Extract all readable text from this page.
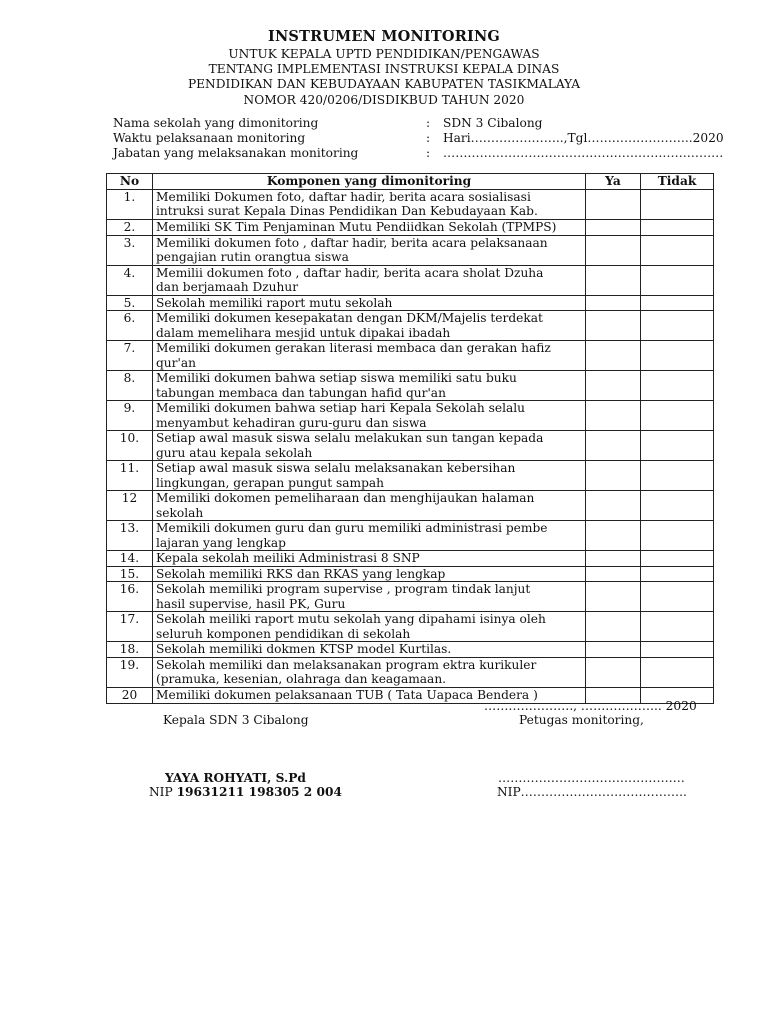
INSTRUMEN MONITORING
UNTUK KEPALA UPTD PENDIDIKAN/PENGAWAS
TENTANG IMPLEMENTASI INSTRUKSI KEPALA DINAS
PENDIDIKAN DAN KEBUDAYAAN KABUPATEN TASIKMALAYA
NOMOR 420/0206/DISDIKBUD TAHUN 2020
Nama sekolah yang dimonitoring	:	SDN 3 Cibalong
Waktu pelaksanaan monitoring	:	Hari…………………..,Tgl……………………..2020
Jabatan yang melaksanakan monitoring	:	……………………………………………………………
No	Komponen yang dimonitoring	Ya	Tidak
1.	Memiliki Dokumen foto, daftar hadir, berita acara sosialisasi
intruksi surat Kepala Dinas Pendidikan Dan Kebudayaan Kab.		

2.	Memiliki SK Tim Penjaminan Mutu Pendiidkan Sekolah (TPMPS)		

3.	Memiliki dokumen foto , daftar hadir, berita acara pelaksanaan
pengajian rutin orangtua siswa		

4.	Memilii dokumen foto , daftar hadir, berita acara sholat Dzuha
dan berjamaah Dzuhur		

5.	Sekolah memiliki raport mutu sekolah		

6.	Memiliki dokumen kesepakatan dengan DKM/Majelis terdekat
dalam memelihara mesjid untuk dipakai ibadah		

7.	Memiliki dokumen gerakan literasi membaca dan gerakan hafiz
qur'an		

8.	Memiliki dokumen bahwa setiap siswa memiliki satu buku
tabungan membaca dan tabungan hafid qur'an		

9.	Memiliki dokumen bahwa setiap hari Kepala Sekolah selalu
menyambut kehadiran guru-guru dan siswa		

10.	Setiap awal masuk siswa selalu melakukan sun tangan kepada
guru atau kepala sekolah		

11.	Setiap awal masuk siswa selalu melaksanakan kebersihan
lingkungan, gerapan pungut sampah		

12	Memiliki dokomen pemeliharaan dan menghijaukan halaman
sekolah		

13.	Memikili dokumen guru dan guru memiliki administrasi pembe
lajaran yang lengkap		

14.	Kepala sekolah meiliki Administrasi 8 SNP		

15.	Sekolah memiliki RKS dan RKAS yang lengkap		

16.	Sekolah memiliki program supervise , program tindak lanjut
hasil supervise, hasil PK, Guru		

17.	Sekolah meiliki raport mutu sekolah yang dipahami isinya oleh
seluruh komponen pendidikan di sekolah		

18.	Sekolah memiliki dokmen KTSP model Kurtilas.		

19.	Sekolah memiliki dan melaksanakan program ektra kurikuler
(pramuka, kesenian, olahraga dan keagamaan.		

20	Memiliki dokumen pelaksanaan TUB ( Tata Uapaca Bendera )		

…………………., ……………….. 2020
Kepala SDN 3 Cibalong	Petugas monitoring,
YAYA ROHYATI, S.Pd
NIP 19631211 198305 2 004
……………………………………….
NIP…………………………………..
